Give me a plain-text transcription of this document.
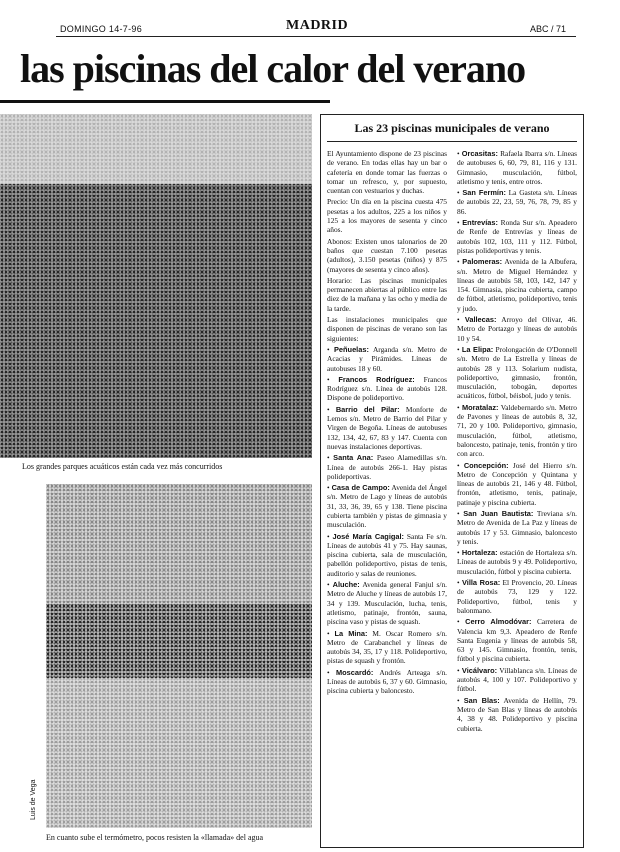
DOMINGO 14-7-96	MADRID	ABC / 71
las piscinas del calor del verano
Los grandes parques acuáticos están cada vez más concurridos
Luis de Vega
En cuanto sube el termómetro, pocos resisten la «llamada» del agua
Las 23 piscinas municipales de verano

El Ayuntamiento dispone de 23 piscinas de verano. En todas ellas hay un bar o cafetería en donde tomar las fuerzas o tomar un refresco, y, por supuesto, cuentan con vestuarios y duchas.

Precio: Un día en la piscina cuesta 475 pesetas a los adultos, 225 a los niños y 125 a los mayores de sesenta y cinco años.

Abonos: Existen unos talonarios de 20 baños que cuestan 7.100 pesetas (adultos), 3.150 pesetas (niños) y 875 (mayores de sesenta y cinco años).

Horario: Las piscinas municipales permanecen abiertas al público entre las diez de la mañana y las ocho y media de la tarde.

Las instalaciones municipales que disponen de piscinas de verano son las siguientes:

• Peñuelas: Arganda s/n. Metro de Acacias y Pirámides. Líneas de autobuses 18 y 60.

• Francos Rodríguez: Francos Rodríguez s/n. Línea de autobús 128. Dispone de polideportivo.

• Barrio del Pilar: Monforte de Lemos s/n. Metro de Barrio del Pilar y Virgen de Begoña. Líneas de autobuses 132, 134, 42, 67, 83 y 147. Cuenta con nuevas instalaciones deportivas.

• Santa Ana: Paseo Alamedillas s/n. Línea de autobús 266-1. Hay pistas polideportivas.

• Casa de Campo: Avenida del Ángel s/n. Metro de Lago y líneas de autobús 31, 33, 36, 39, 65 y 138. Tiene piscina cubierta también y pistas de gimnasia y musculación.

• José María Cagigal: Santa Fe s/n. Líneas de autobús 41 y 75. Hay saunas, piscina cubierta, sala de musculación, pabellón polideportivo, pistas de tenis, auditorio y salas de reuniones.

• Aluche: Avenida general Fanjul s/n. Metro de Aluche y líneas de autobús 17, 34 y 139. Musculación, lucha, tenis, atletismo, patinaje, frontón, sauna, piscina vaso y pistas de squash.

• La Mina: M. Oscar Romero s/n. Metro de Carabanchel y líneas de autobús 34, 35, 17 y 118. Polideportivo, pistas de squash y frontón.

• Moscardó: Andrés Arteaga s/n. Líneas de autobús 6, 37 y 60. Gimnasio, piscina cubierta y baloncesto.

• Orcasitas: Rafaela Ibarra s/n. Líneas de autobuses 6, 60, 79, 81, 116 y 131. Gimnasio, musculación, fútbol, atletismo y tenis, entre otros.

• San Fermín: La Gasteta s/n. Líneas de autobús 22, 23, 59, 76, 78, 79, 85 y 86.

• Entrevías: Ronda Sur s/n. Apeadero de Renfe de Entrevías y líneas de autobús 102, 103, 111 y 112. Fútbol, pistas polideportivas y tenis.

• Palomeras: Avenida de la Albufera, s/n. Metro de Miguel Hernández y líneas de autobús 58, 103, 142, 147 y 154. Gimnasia, piscina cubierta, campo de fútbol, atletismo, polideportivo, tenis y judo.

• Vallecas: Arroyo del Olivar, 46. Metro de Portazgo y líneas de autobús 10 y 54.

• La Elipa: Prolongación de O'Donnell s/n. Metro de La Estrella y líneas de autobús 28 y 113. Solarium nudista, polideportivo, gimnasio, frontón, musculación, tobogán, deportes acuáticos, fútbol, béisbol, judo y tenis.

• Moratalaz: Valdebernardo s/n. Metro de Pavones y líneas de autobús 8, 32, 71, 20 y 100. Polideportivo, gimnasio, musculación, fútbol, atletismo, baloncesto, patinaje, tenis, frontón y tiro con arco.

• Concepción: José del Hierro s/n. Metro de Concepción y Quintana y líneas de autobús 21, 146 y 48. Fútbol, frontón, atletismo, tenis, patinaje, patinaje y piscina cubierta.

• San Juan Bautista: Treviana s/n. Metro de Avenida de La Paz y líneas de autobús 17 y 53. Gimnasio, baloncesto y tenis.

• Hortaleza: estación de Hortaleza s/n. Líneas de autobús 9 y 49. Polideportivo, musculación, fútbol y piscina cubierta.

• Villa Rosa: El Provencio, 20. Líneas de autobús 73, 129 y 122. Polideportivo, fútbol, tenis y balonmano.

• Cerro Almodóvar: Carretera de Valencia km 9,3. Apeadero de Renfe Santa Eugenia y líneas de autobús 58, 63 y 145. Gimnasio, frontón, tenis, fútbol y piscina cubierta.

• Vicálvaro: Villablanca s/n. Líneas de autobús 4, 100 y 107. Polideportivo y fútbol.

• San Blas: Avenida de Hellín, 79. Metro de San Blas y líneas de autobús 4, 38 y 48. Polideportivo y piscina cubierta.
